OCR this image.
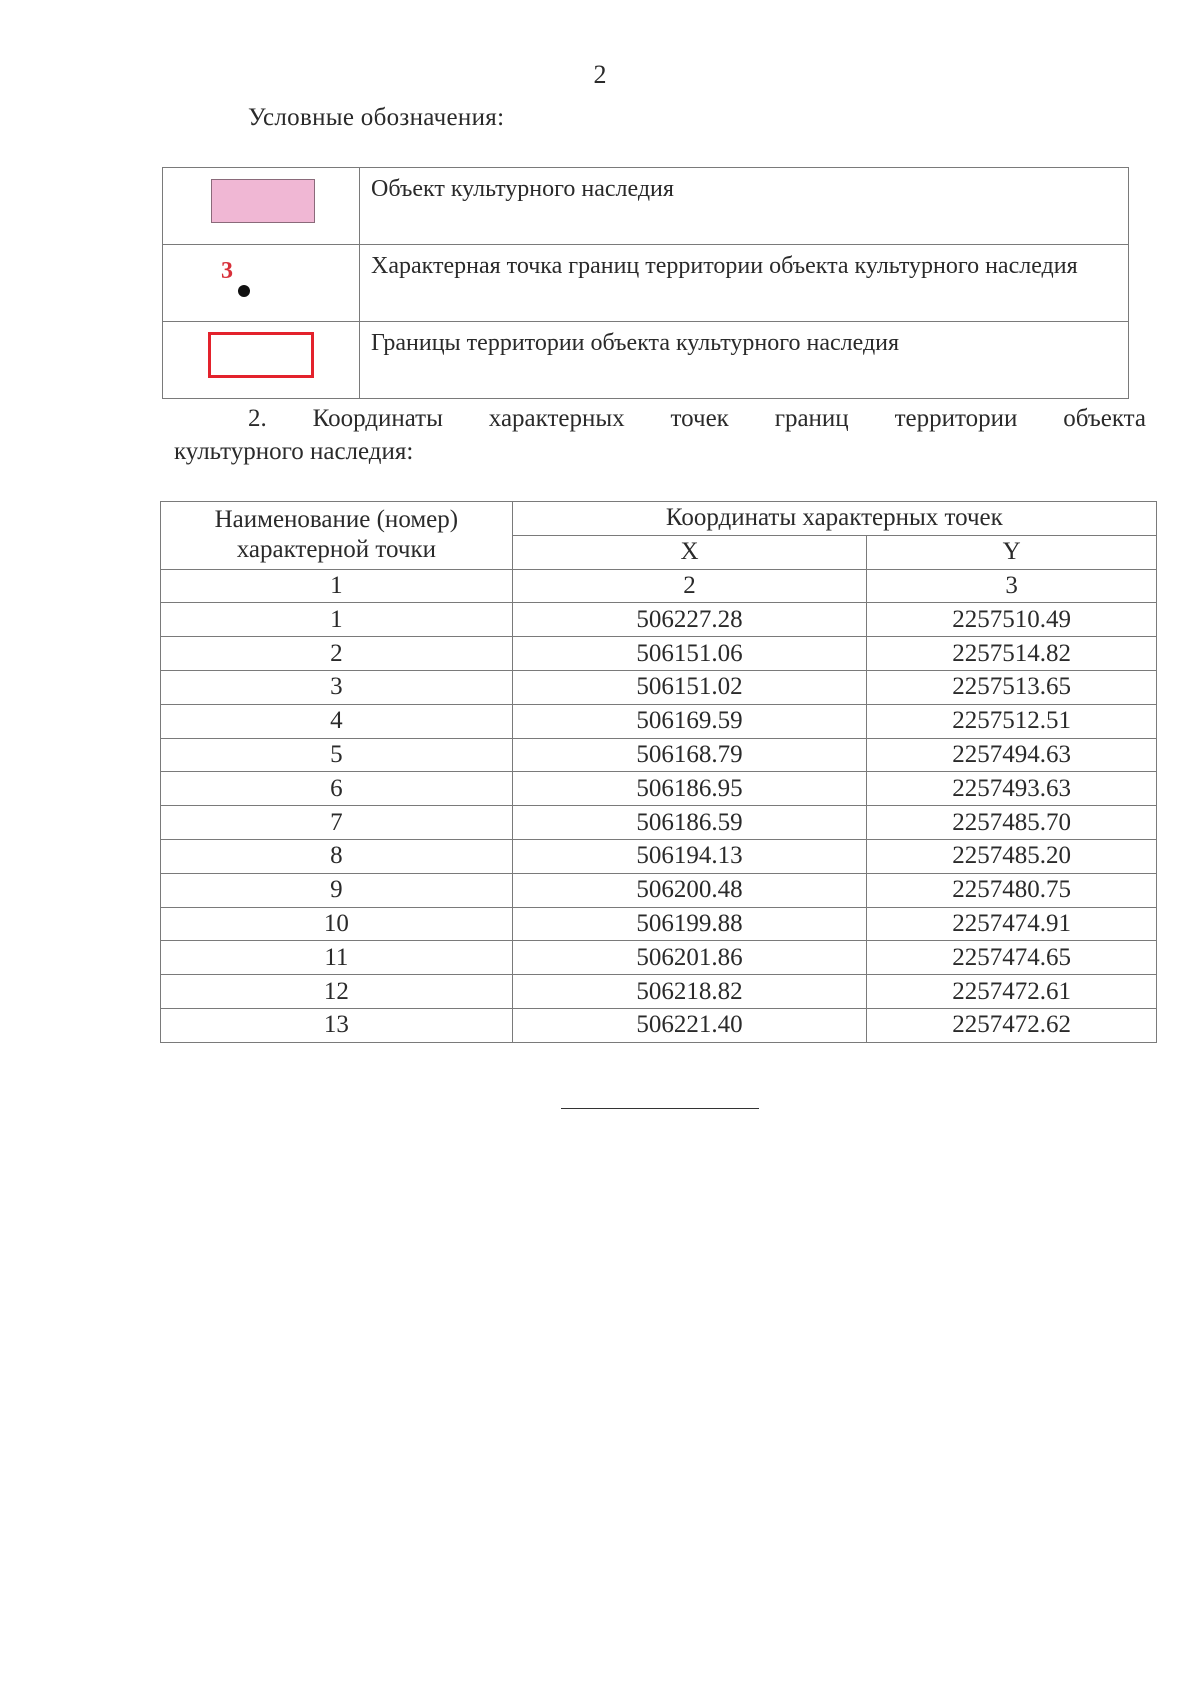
2
Условные обозначения:
	Объект культурного наследия

3	Характерная точка границ территории объекта культурного наследия

	Границы территории объекта культурного наследия
2. Координаты характерных точек границ территории объекта
культурного наследия:
Наименование (номер) характерной точки	Координаты характерных точек	
	X	Y
1	2	3
1	506227.28	2257510.49
2	506151.06	2257514.82
3	506151.02	2257513.65
4	506169.59	2257512.51
5	506168.79	2257494.63
6	506186.95	2257493.63
7	506186.59	2257485.70
8	506194.13	2257485.20
9	506200.48	2257480.75
10	506199.88	2257474.91
11	506201.86	2257474.65
12	506218.82	2257472.61
13	506221.40	2257472.62
